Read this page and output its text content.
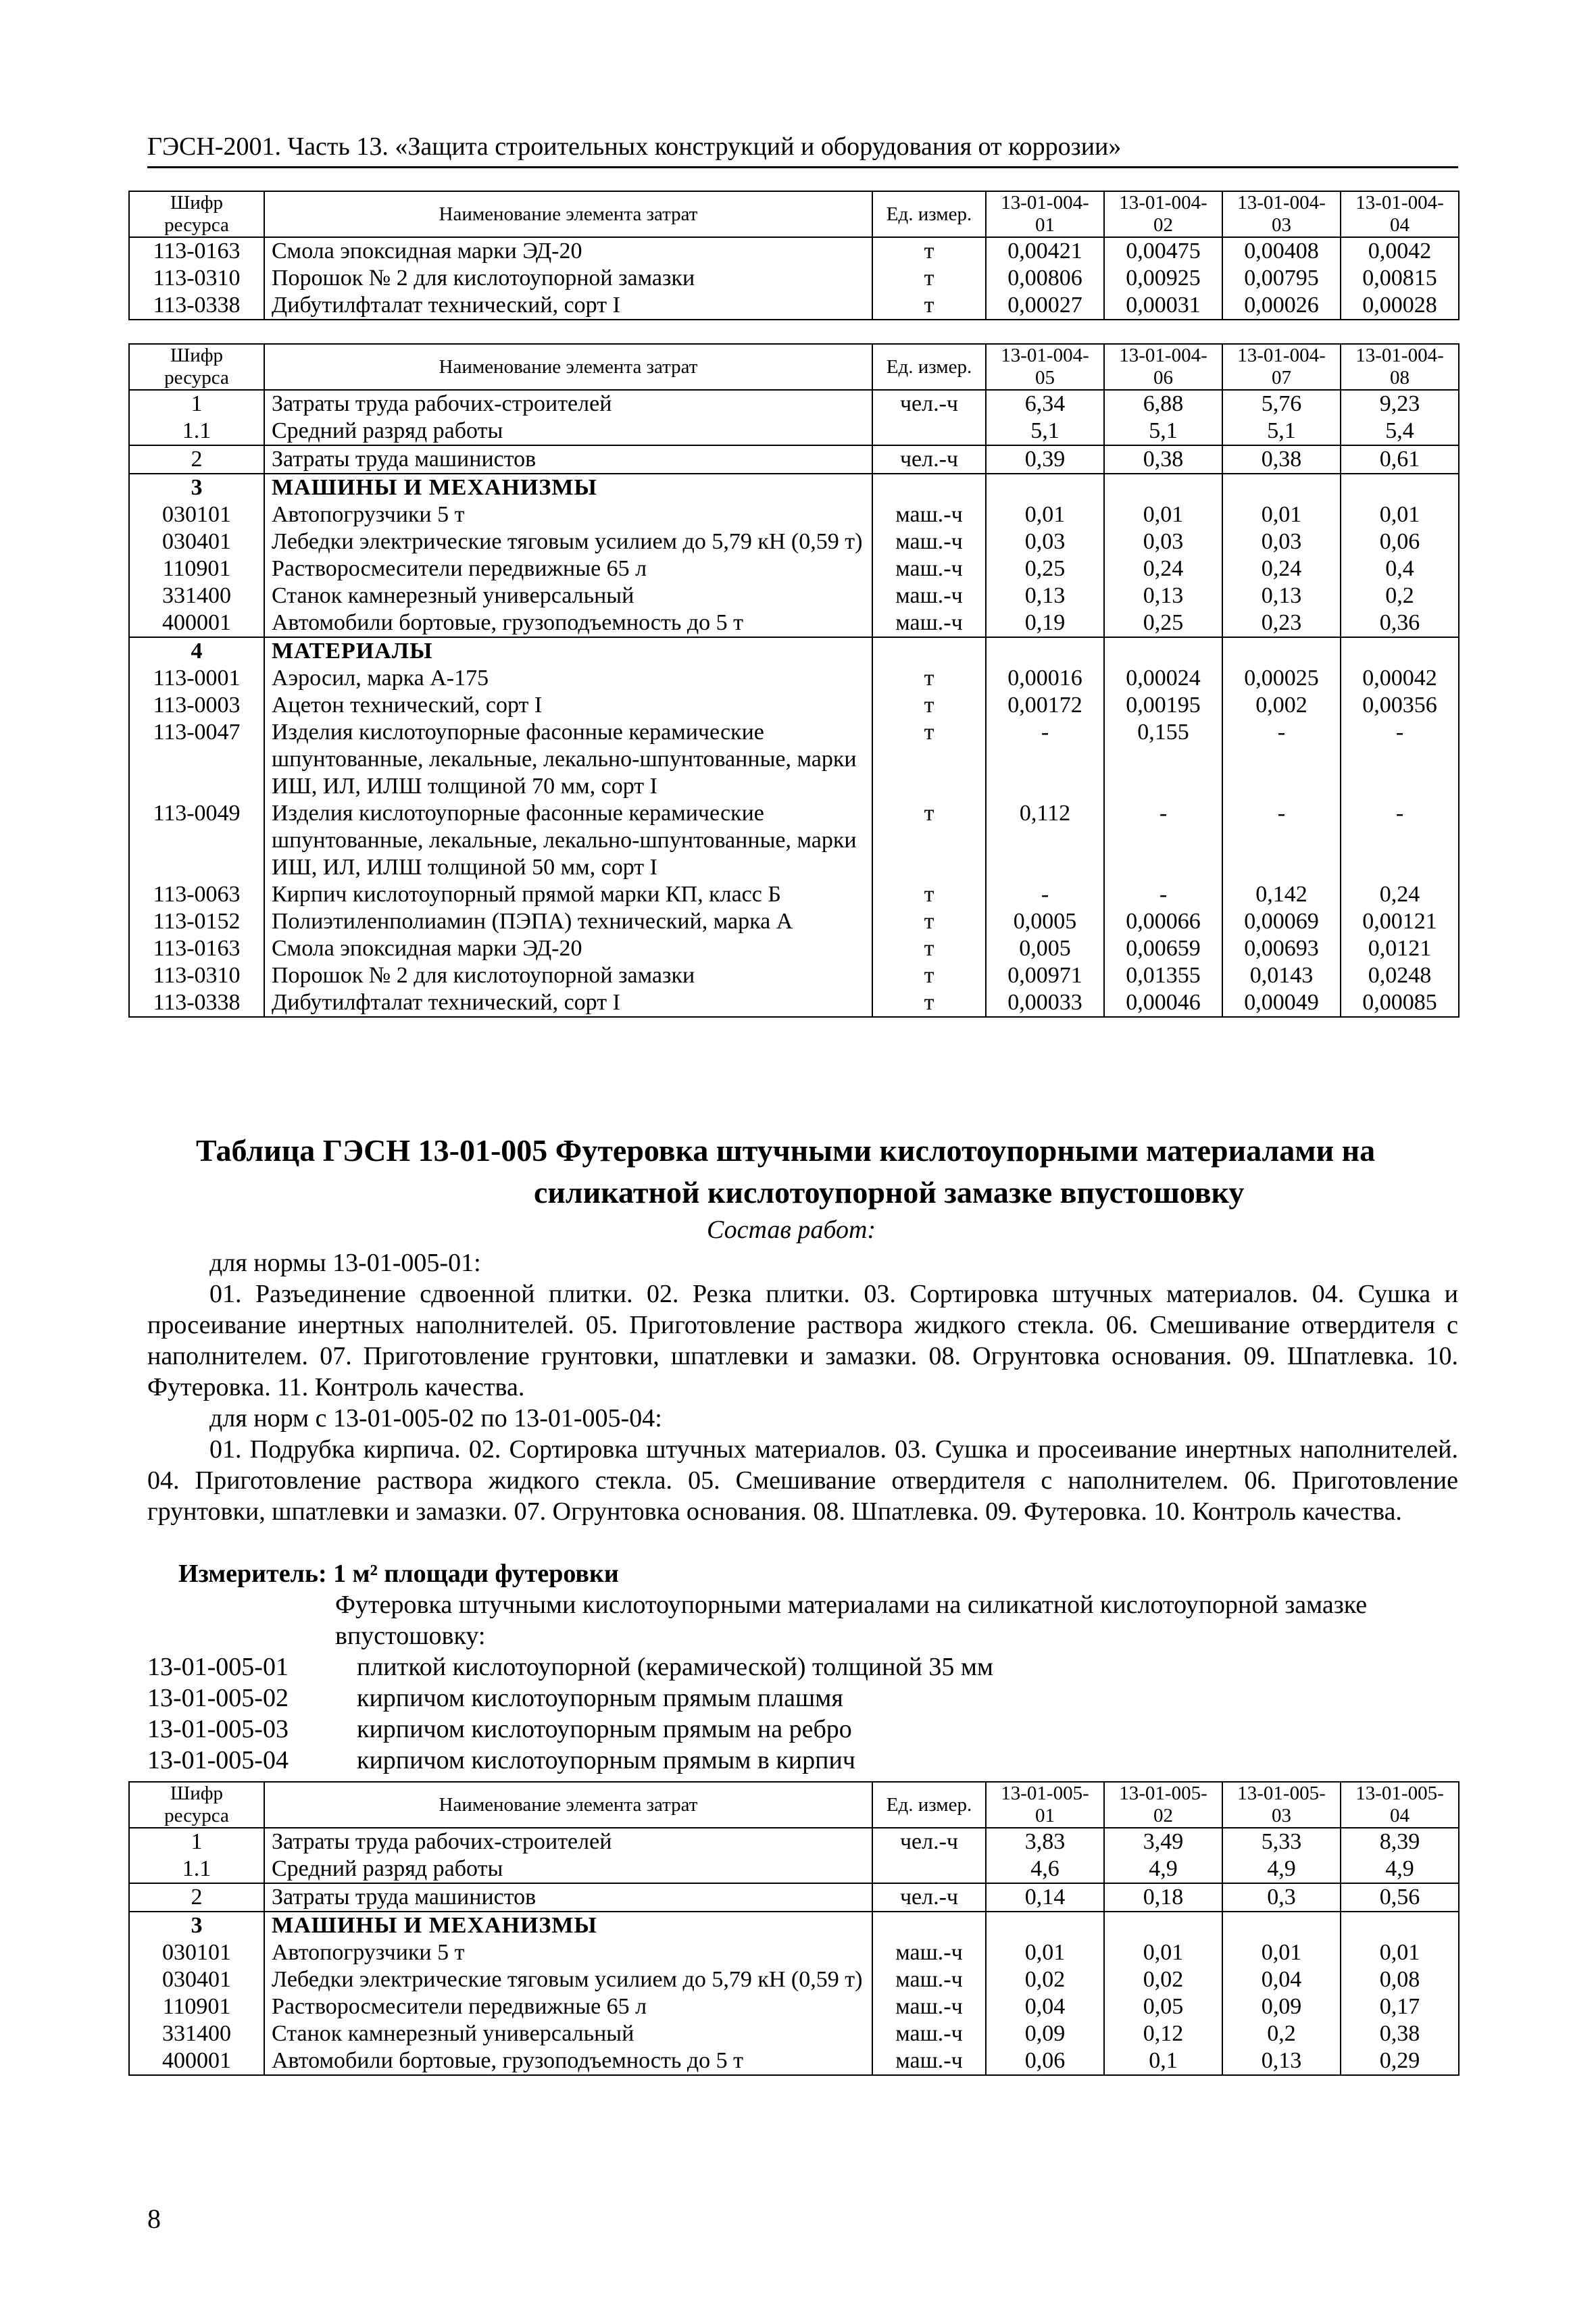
ГЭСН-2001. Часть 13. «Защита строительных конструкций и оборудования от коррозии»
Шифр ресурса	Наименование элемента затрат	Ед. измер.	13-01-004-01	13-01-004-02	13-01-004-03	13-01-004-04
113-0163	Смола эпоксидная марки ЭД-20	т	0,00421	0,00475	0,00408	0,0042
113-0310	Порошок № 2 для кислотоупорной замазки	т	0,00806	0,00925	0,00795	0,00815
113-0338	Дибутилфталат технический, сорт I	т	0,00027	0,00031	0,00026	0,00028
Шифр ресурса	Наименование элемента затрат	Ед. измер.	13-01-004-05	13-01-004-06	13-01-004-07	13-01-004-08
1	Затраты труда рабочих-строителей	чел.-ч	6,34	6,88	5,76	9,23
1.1	Средний разряд работы		5,1	5,1	5,1	5,4
2	Затраты труда машинистов	чел.-ч	0,39	0,38	0,38	0,61
3	МАШИНЫ И МЕХАНИЗМЫ					
030101	Автопогрузчики 5 т	маш.-ч	0,01	0,01	0,01	0,01
030401	Лебедки электрические тяговым усилием до 5,79 кН (0,59 т)	маш.-ч	0,03	0,03	0,03	0,06
110901	Растворосмесители передвижные 65 л	маш.-ч	0,25	0,24	0,24	0,4
331400	Станок камнерезный универсальный	маш.-ч	0,13	0,13	0,13	0,2
400001	Автомобили бортовые, грузоподъемность до 5 т	маш.-ч	0,19	0,25	0,23	0,36
4	МАТЕРИАЛЫ					
113-0001	Аэросил, марка А-175	т	0,00016	0,00024	0,00025	0,00042
113-0003	Ацетон технический, сорт I	т	0,00172	0,00195	0,002	0,00356
113-0047	Изделия кислотоупорные фасонные керамические шпунтованные, лекальные, лекально-шпунтованные, марки ИШ, ИЛ, ИЛШ толщиной 70 мм, сорт I	т	-	0,155	-	-
113-0049	Изделия кислотоупорные фасонные керамические шпунтованные, лекальные, лекально-шпунтованные, марки ИШ, ИЛ, ИЛШ толщиной 50 мм, сорт I	т	0,112	-	-	-
113-0063	Кирпич кислотоупорный прямой марки КП, класс Б	т	-	-	0,142	0,24
113-0152	Полиэтиленполиамин (ПЭПА) технический, марка А	т	0,0005	0,00066	0,00069	0,00121
113-0163	Смола эпоксидная марки ЭД-20	т	0,005	0,00659	0,00693	0,0121
113-0310	Порошок № 2 для кислотоупорной замазки	т	0,00971	0,01355	0,0143	0,0248
113-0338	Дибутилфталат технический, сорт I	т	0,00033	0,00046	0,00049	0,00085
Таблица ГЭСН 13-01-005 Футеровка штучными кислотоупорными материалами на
силикатной кислотоупорной замазке впустошовку
Состав работ:
для нормы 13-01-005-01:
01. Разъединение сдвоенной плитки. 02. Резка плитки. 03. Сортировка штучных материалов. 04. Сушка и просеивание инертных наполнителей. 05. Приготовление раствора жидкого стекла. 06. Смешивание отвердителя с наполнителем. 07. Приготовление грунтовки, шпатлевки и замазки. 08. Огрунтовка основания. 09. Шпатлевка. 10. Футеровка. 11. Контроль качества.
для норм с 13-01-005-02 по 13-01-005-04:
01. Подрубка кирпича. 02. Сортировка штучных материалов. 03. Сушка и просеивание инертных наполнителей. 04. Приготовление раствора жидкого стекла. 05. Смешивание отвердителя с наполнителем. 06. Приготовление грунтовки, шпатлевки и замазки. 07. Огрунтовка основания. 08. Шпатлевка. 09. Футеровка. 10. Контроль качества.
Измеритель: 1 м² площади футеровки
Футеровка штучными кислотоупорными материалами на силикатной кислотоупорной замазке впустошовку:
13-01-005-01	плиткой кислотоупорной (керамической) толщиной 35 мм
13-01-005-02	кирпичом кислотоупорным прямым плашмя
13-01-005-03	кирпичом кислотоупорным прямым на ребро
13-01-005-04	кирпичом кислотоупорным прямым в кирпич
Шифр ресурса	Наименование элемента затрат	Ед. измер.	13-01-005-01	13-01-005-02	13-01-005-03	13-01-005-04
1	Затраты труда рабочих-строителей	чел.-ч	3,83	3,49	5,33	8,39
1.1	Средний разряд работы		4,6	4,9	4,9	4,9
2	Затраты труда машинистов	чел.-ч	0,14	0,18	0,3	0,56
3	МАШИНЫ И МЕХАНИЗМЫ					
030101	Автопогрузчики 5 т	маш.-ч	0,01	0,01	0,01	0,01
030401	Лебедки электрические тяговым усилием до 5,79 кН (0,59 т)	маш.-ч	0,02	0,02	0,04	0,08
110901	Растворосмесители передвижные 65 л	маш.-ч	0,04	0,05	0,09	0,17
331400	Станок камнерезный универсальный	маш.-ч	0,09	0,12	0,2	0,38
400001	Автомобили бортовые, грузоподъемность до 5 т	маш.-ч	0,06	0,1	0,13	0,29
8
